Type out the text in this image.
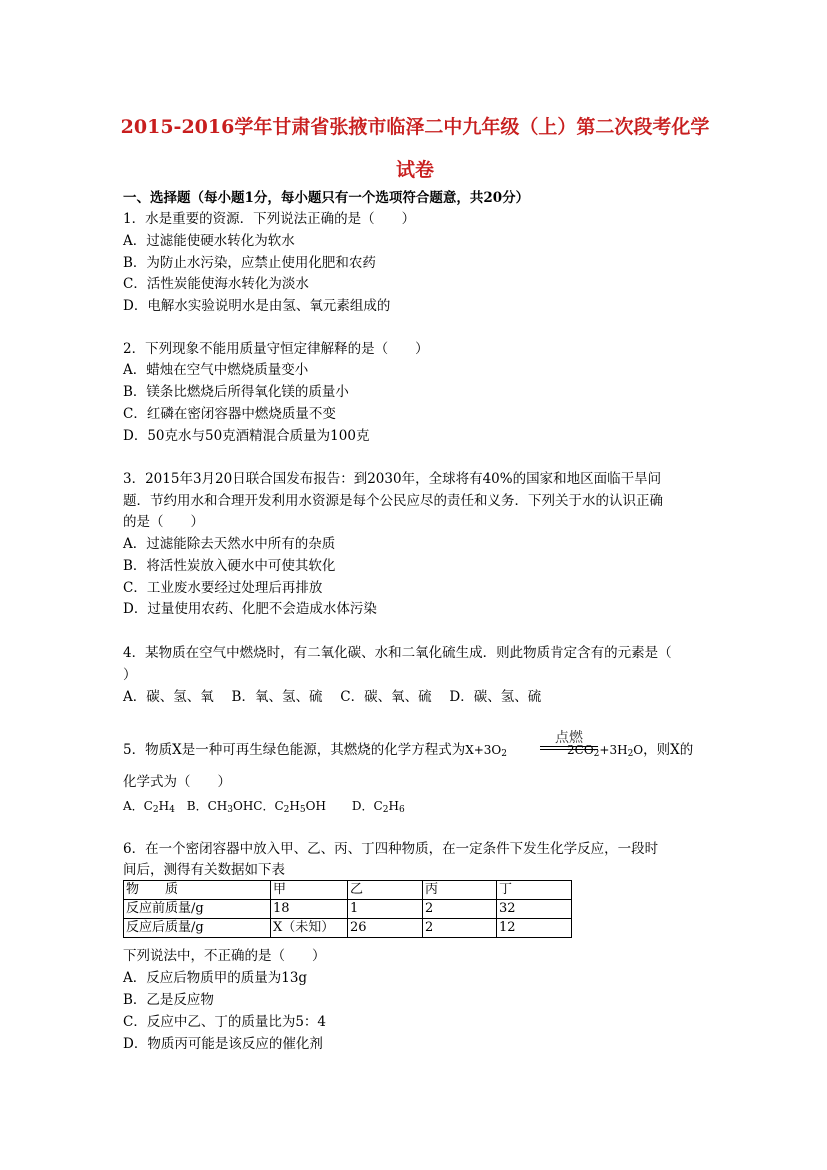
2015-2016学年甘肃省张掖市临泽二中九年级（上）第二次段考化学
试卷
一、选择题（每小题1分，每小题只有一个选项符合题意，共20分）
1．水是重要的资源．下列说法正确的是（　　）
A．过滤能使硬水转化为软水
B．为防止水污染，应禁止使用化肥和农药
C．活性炭能使海水转化为淡水
D．电解水实验说明水是由氢、氧元素组成的
2．下列现象不能用质量守恒定律解释的是（　　）
A．蜡烛在空气中燃烧质量变小
B．镁条比燃烧后所得氧化镁的质量小
C．红磷在密闭容器中燃烧质量不变
D．50克水与50克酒精混合质量为100克
3．2015年3月20日联合国发布报告：到2030年，全球将有40%的国家和地区面临干旱问
题．节约用水和合理开发利用水资源是每个公民应尽的责任和义务．下列关于水的认识正确
的是（　　）
A．过滤能除去天然水中所有的杂质
B．将活性炭放入硬水中可使其软化
C．工业废水要经过处理后再排放
D．过量使用农药、化肥不会造成水体污染
4．某物质在空气中燃烧时，有二氧化碳、水和二氧化硫生成．则此物质肯定含有的元素是（
）
A．碳、氢、氧　 B．氧、氢、硫　 C．碳、氧、硫　 D．碳、氢、硫
5．物质X是一种可再生绿色能源，其燃烧的化学方程式为$X+3O_2$	$2CO_2+3H_2O$，则X的
点燃
化学式为（　　）
A．$C_2H_4$　B．$CH_3OHC$．$C_2H_5OH$　D．$C_2H_6$
6．在一个密闭容器中放入甲、乙、丙、丁四种物质，在一定条件下发生化学反应，一段时
间后，测得有关数据如下表
物　　质	甲	乙	丙	丁
反应前质量/g	18	1	2	32
反应后质量/g	X（未知）	26	2	12
下列说法中，不正确的是（　　）
A．反应后物质甲的质量为13g
B．乙是反应物
C．反应中乙、丁的质量比为5：4
D．物质丙可能是该反应的催化剂
